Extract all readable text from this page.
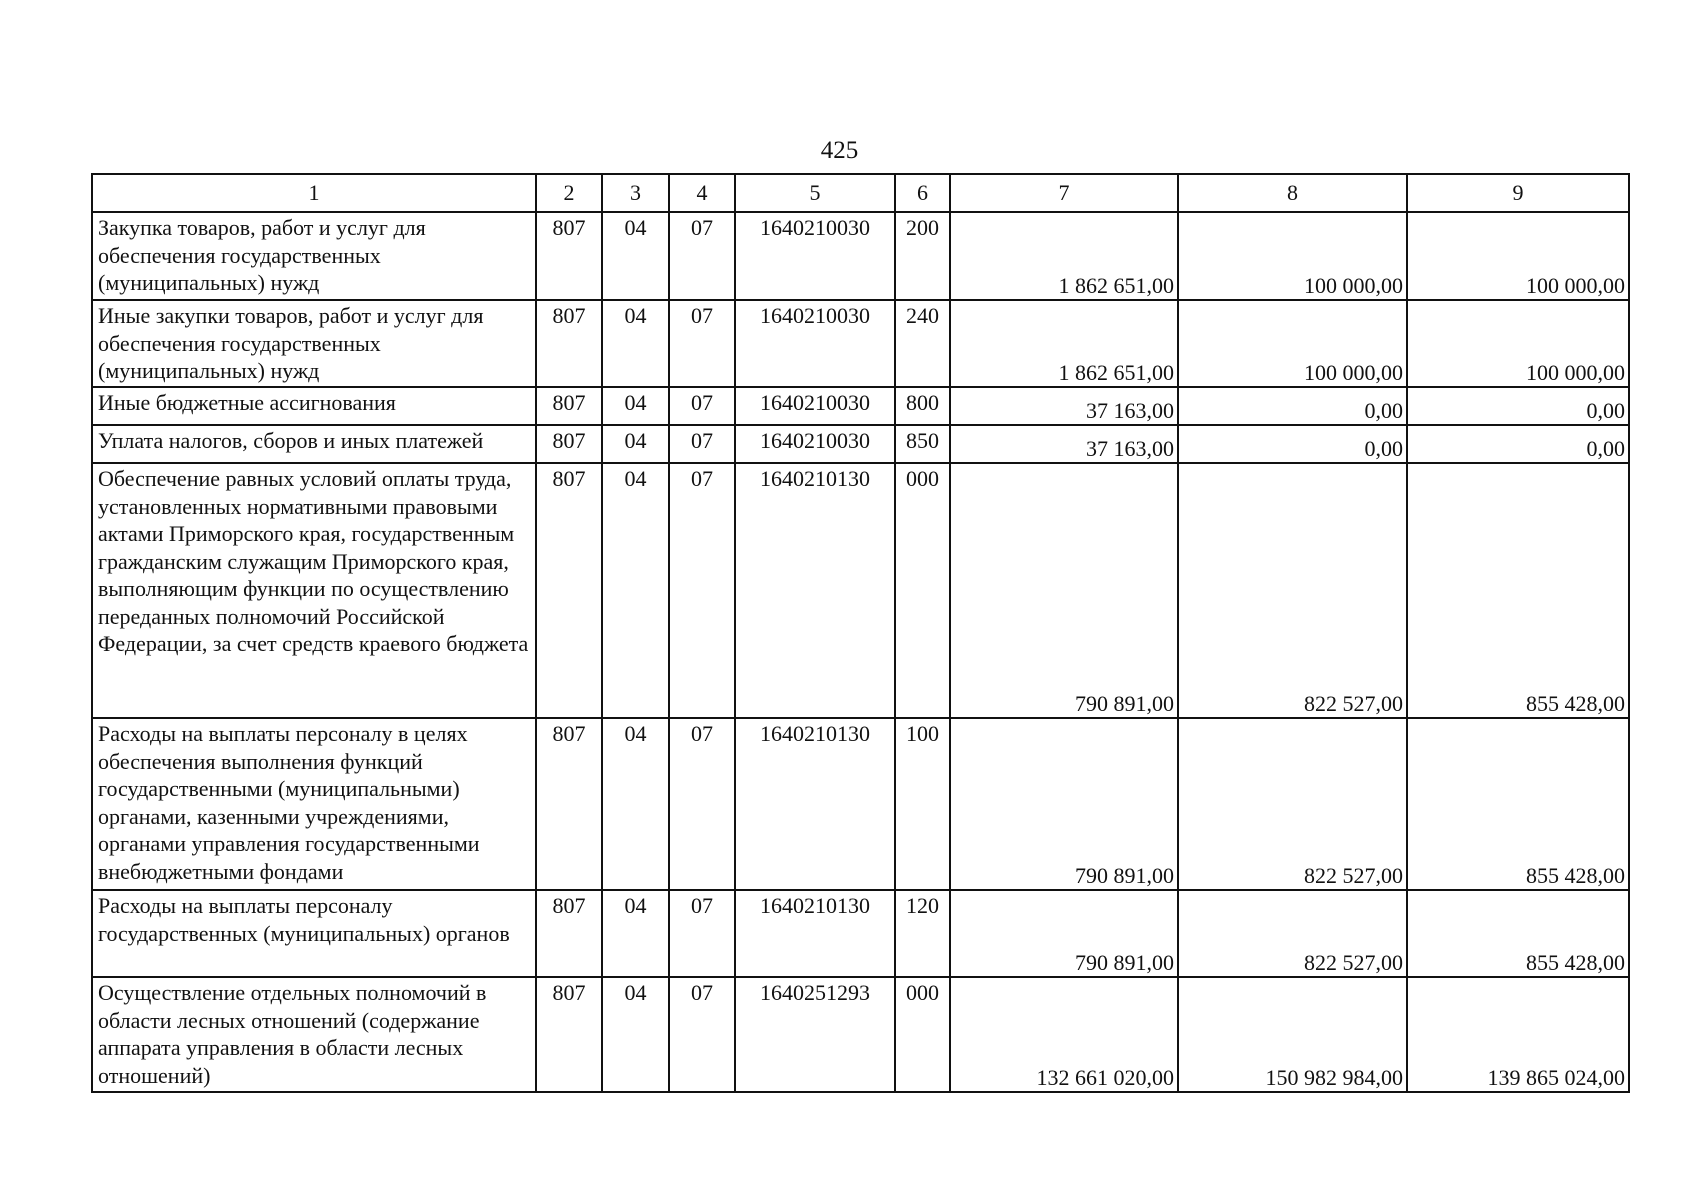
425
1	2	3	4	5	6	7	8	9
Закупка товаров, работ и услуг для обеспечения государственных (муниципальных) нужд	807	04	07	1640210030	200	1 862 651,00	100 000,00	100 000,00
Иные закупки товаров, работ и услуг для обеспечения государственных (муниципальных) нужд	807	04	07	1640210030	240	1 862 651,00	100 000,00	100 000,00
Иные бюджетные ассигнования	807	04	07	1640210030	800	37 163,00	0,00	0,00
Уплата налогов, сборов и иных платежей	807	04	07	1640210030	850	37 163,00	0,00	0,00
Обеспечение равных условий оплаты труда, установленных нормативными правовыми актами Приморского края, государственным гражданским служащим Приморского края, выполняющим функции по осуществлению переданных полномочий Российской Федерации, за счет средств краевого бюджета	807	04	07	1640210130	000	790 891,00	822 527,00	855 428,00
Расходы на выплаты персоналу в целях обеспечения выполнения функций государственными (муниципальными) органами, казенными учреждениями, органами управления государственными внебюджетными фондами	807	04	07	1640210130	100	790 891,00	822 527,00	855 428,00
Расходы на выплаты персоналу государственных (муниципальных) органов	807	04	07	1640210130	120	790 891,00	822 527,00	855 428,00
Осуществление отдельных полномочий в области лесных отношений (содержание аппарата управления в области лесных отношений)	807	04	07	1640251293	000	132 661 020,00	150 982 984,00	139 865 024,00
